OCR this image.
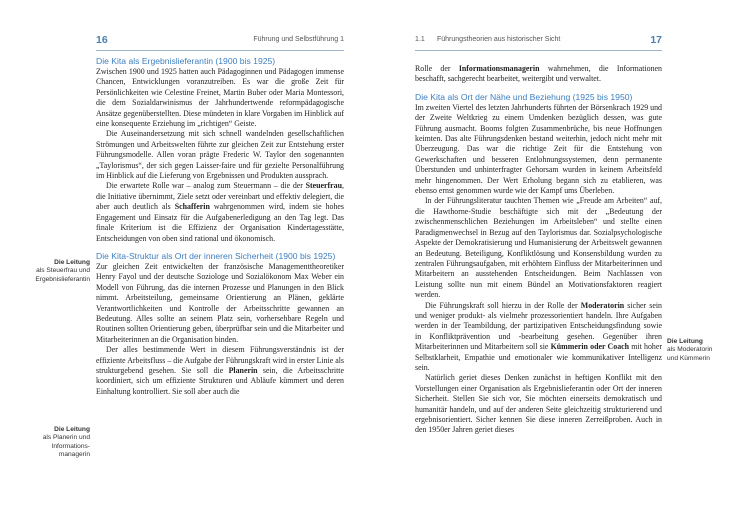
16	Führung und Selbstführung 1
Die Kita als Ergebnislieferantin (1900 bis 1925)

Zwischen 1900 und 1925 hatten auch Pädagoginnen und Pädagogen immense Chancen, Entwicklungen voranzutreiben. Es war die große Zeit für Persönlichkeiten wie Celestine Freinet, Martin Buber oder Maria Montessori, die dem Sozialdarwinismus der Jahrhundertwende reformpädagogische Ansätze gegenüberstellten. Diese mündeten in klare Vorgaben im Hinblick auf eine konsequente Erziehung im „richtigen“ Geiste.

Die Auseinandersetzung mit sich schnell wandelnden gesellschaftlichen Strömungen und Arbeitswelten führte zur gleichen Zeit zur Entstehung erster Führungsmodelle. Allen voran prägte Frederic W. Taylor den sogenannten „Taylorismus“, der sich gegen Laisser-faire und für gezielte Personalführung im Hinblick auf die Lieferung von Ergebnissen und Produkten aussprach.

Die erwartete Rolle war – analog zum Steuermann – die der Steuerfrau, die Initiative übernimmt, Ziele setzt oder vereinbart und effektiv delegiert, die aber auch deutlich als Schafferin wahrgenommen wird, indem sie hohes Engagement und Einsatz für die Aufgabenerledigung an den Tag legt. Das finale Kriterium ist die Effizienz der Organisation Kindertagesstätte, Entscheidungen von oben sind rational und ökonomisch.

Die Kita-Struktur als Ort der inneren Sicherheit (1900 bis 1925)

Zur gleichen Zeit entwickelten der französische Managementtheoretiker Henry Fayol und der deutsche Soziologe und Sozialökonom Max Weber ein Modell von Führung, das die internen Prozesse und Planungen in den Blick nimmt. Arbeitsteilung, gemeinsame Orientierung an Plänen, geklärte Verantwortlichkeiten und Kontrolle der Arbeitsschritte gewannen an Bedeutung. Alles sollte an seinem Platz sein, vorhersehbare Regeln und Routinen sollten Orientierung geben, überprüfbar sein und die Mitarbeiter und Mitarbeiterinnen an die Organisation binden.

Der alles bestimmende Wert in diesem Führungsverständnis ist der effiziente Arbeitsfluss – die Aufgabe der Führungskraft wird in erster Linie als strukturgebend gesehen. Sie soll die Planerin sein, die Arbeitsschritte koordiniert, sich um effiziente Strukturen und Abläufe kümmert und deren Einhaltung kontrolliert. Sie soll aber auch die

Die Leitung
als Steuerfrau und
Ergebnislieferantin
Die Leitung
als Planerin und
Informations-
managerin
1.1 Führungstheorien aus historischer Sicht	17

Rolle der Informationsmanagerin wahrnehmen, die Informationen beschafft, sachgerecht bearbeitet, weitergibt und verwaltet.

Die Kita als Ort der Nähe und Beziehung (1925 bis 1950)

Im zweiten Viertel des letzten Jahrhunderts führten der Börsenkrach 1929 und der Zweite Weltkrieg zu einem Umdenken bezüglich dessen, was gute Führung ausmacht. Booms folgten Zusammenbrüche, bis neue Hoffnungen keimten. Das alte Führungsdenken bestand weiterhin, jedoch nicht mehr mit Überzeugung. Das war die richtige Zeit für die Entstehung von Gewerkschaften und besseren Entlohnungssystemen, denn permanente Überstunden und unhinterfragter Gehorsam wurden in keinem Arbeitsfeld mehr hingenommen. Der Wert Erholung begann sich zu etablieren, was ebenso ernst genommen wurde wie der Kampf ums Überleben.

In der Führungsliteratur tauchten Themen wie „Freude am Arbeiten“ auf, die Hawthorne-Studie beschäftigte sich mit der „Bedeutung der zwischenmenschlichen Beziehungen im Arbeitsleben“ und stellte einen Paradigmenwechsel in Bezug auf den Taylorismus dar. Sozialpsychologische Aspekte der Demokratisierung und Humanisierung der Arbeitswelt gewannen an Bedeutung. Beteiligung, Konfliktlösung und Konsensbildung wurden zu zentralen Führungsaufgaben, mit erhöhtem Einfluss der Mitarbeiterinnen und Mitarbeitern an ausstehenden Entscheidungen. Beim Nachlassen von Leistung sollte nun mit einem Bündel an Motivationsfaktoren reagiert werden.

Die Führungskraft soll hierzu in der Rolle der Moderatorin sicher sein und weniger produkt- als vielmehr prozessorientiert handeln. Ihre Aufgaben werden in der Teambildung, der partizipativen Entscheidungsfindung sowie in Konfliktprävention und -bearbeitung gesehen. Gegenüber ihren Mitarbeiterinnen und Mitarbeitern soll sie Kümmerin oder Coach mit hoher Selbstklarheit, Empathie und emotionaler wie kommunikativer Intelligenz sein.

Natürlich geriet dieses Denken zunächst in heftigen Konflikt mit den Vorstellungen einer Organisation als Ergebnislieferantin oder Ort der inneren Sicherheit. Stellen Sie sich vor, Sie möchten einerseits demokratisch und humanitär handeln, und auf der anderen Seite gleichzeitig strukturierend und ergebnisorientiert. Sicher kennen Sie diese inneren Zerreißproben. Auch in den 1950er Jahren geriet dieses

Die Leitung
als Moderatorin
und Kümmerin
